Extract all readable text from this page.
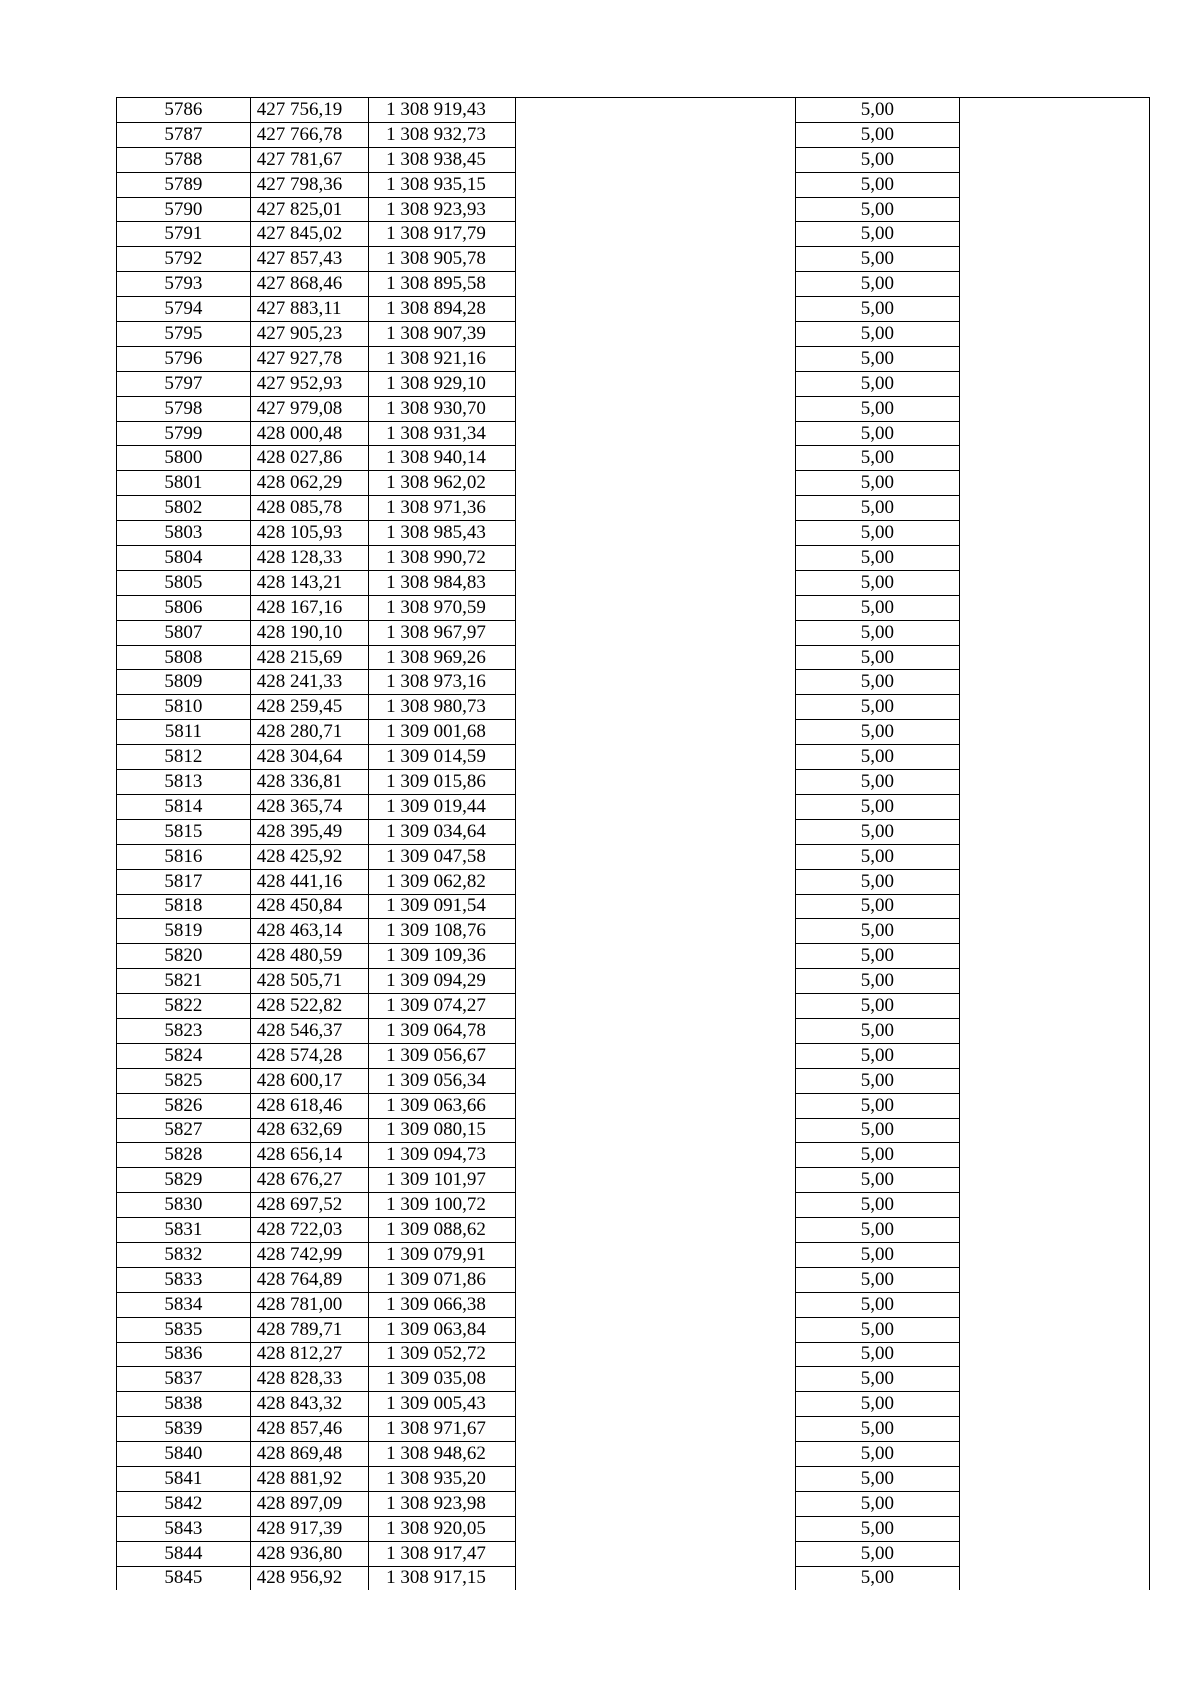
5786	427 756,19	1 308 919,43		5,00	
5787	427 766,78	1 308 932,73		5,00	
5788	427 781,67	1 308 938,45		5,00	
5789	427 798,36	1 308 935,15		5,00	
5790	427 825,01	1 308 923,93		5,00	
5791	427 845,02	1 308 917,79		5,00	
5792	427 857,43	1 308 905,78		5,00	
5793	427 868,46	1 308 895,58		5,00	
5794	427 883,11	1 308 894,28		5,00	
5795	427 905,23	1 308 907,39		5,00	
5796	427 927,78	1 308 921,16		5,00	
5797	427 952,93	1 308 929,10		5,00	
5798	427 979,08	1 308 930,70		5,00	
5799	428 000,48	1 308 931,34		5,00	
5800	428 027,86	1 308 940,14		5,00	
5801	428 062,29	1 308 962,02		5,00	
5802	428 085,78	1 308 971,36		5,00	
5803	428 105,93	1 308 985,43		5,00	
5804	428 128,33	1 308 990,72		5,00	
5805	428 143,21	1 308 984,83		5,00	
5806	428 167,16	1 308 970,59		5,00	
5807	428 190,10	1 308 967,97		5,00	
5808	428 215,69	1 308 969,26		5,00	
5809	428 241,33	1 308 973,16		5,00	
5810	428 259,45	1 308 980,73		5,00	
5811	428 280,71	1 309 001,68		5,00	
5812	428 304,64	1 309 014,59		5,00	
5813	428 336,81	1 309 015,86		5,00	
5814	428 365,74	1 309 019,44		5,00	
5815	428 395,49	1 309 034,64		5,00	
5816	428 425,92	1 309 047,58		5,00	
5817	428 441,16	1 309 062,82		5,00	
5818	428 450,84	1 309 091,54		5,00	
5819	428 463,14	1 309 108,76		5,00	
5820	428 480,59	1 309 109,36		5,00	
5821	428 505,71	1 309 094,29		5,00	
5822	428 522,82	1 309 074,27		5,00	
5823	428 546,37	1 309 064,78		5,00	
5824	428 574,28	1 309 056,67		5,00	
5825	428 600,17	1 309 056,34		5,00	
5826	428 618,46	1 309 063,66		5,00	
5827	428 632,69	1 309 080,15		5,00	
5828	428 656,14	1 309 094,73		5,00	
5829	428 676,27	1 309 101,97		5,00	
5830	428 697,52	1 309 100,72		5,00	
5831	428 722,03	1 309 088,62		5,00	
5832	428 742,99	1 309 079,91		5,00	
5833	428 764,89	1 309 071,86		5,00	
5834	428 781,00	1 309 066,38		5,00	
5835	428 789,71	1 309 063,84		5,00	
5836	428 812,27	1 309 052,72		5,00	
5837	428 828,33	1 309 035,08		5,00	
5838	428 843,32	1 309 005,43		5,00	
5839	428 857,46	1 308 971,67		5,00	
5840	428 869,48	1 308 948,62		5,00	
5841	428 881,92	1 308 935,20		5,00	
5842	428 897,09	1 308 923,98		5,00	
5843	428 917,39	1 308 920,05		5,00	
5844	428 936,80	1 308 917,47		5,00	
5845	428 956,92	1 308 917,15		5,00	
